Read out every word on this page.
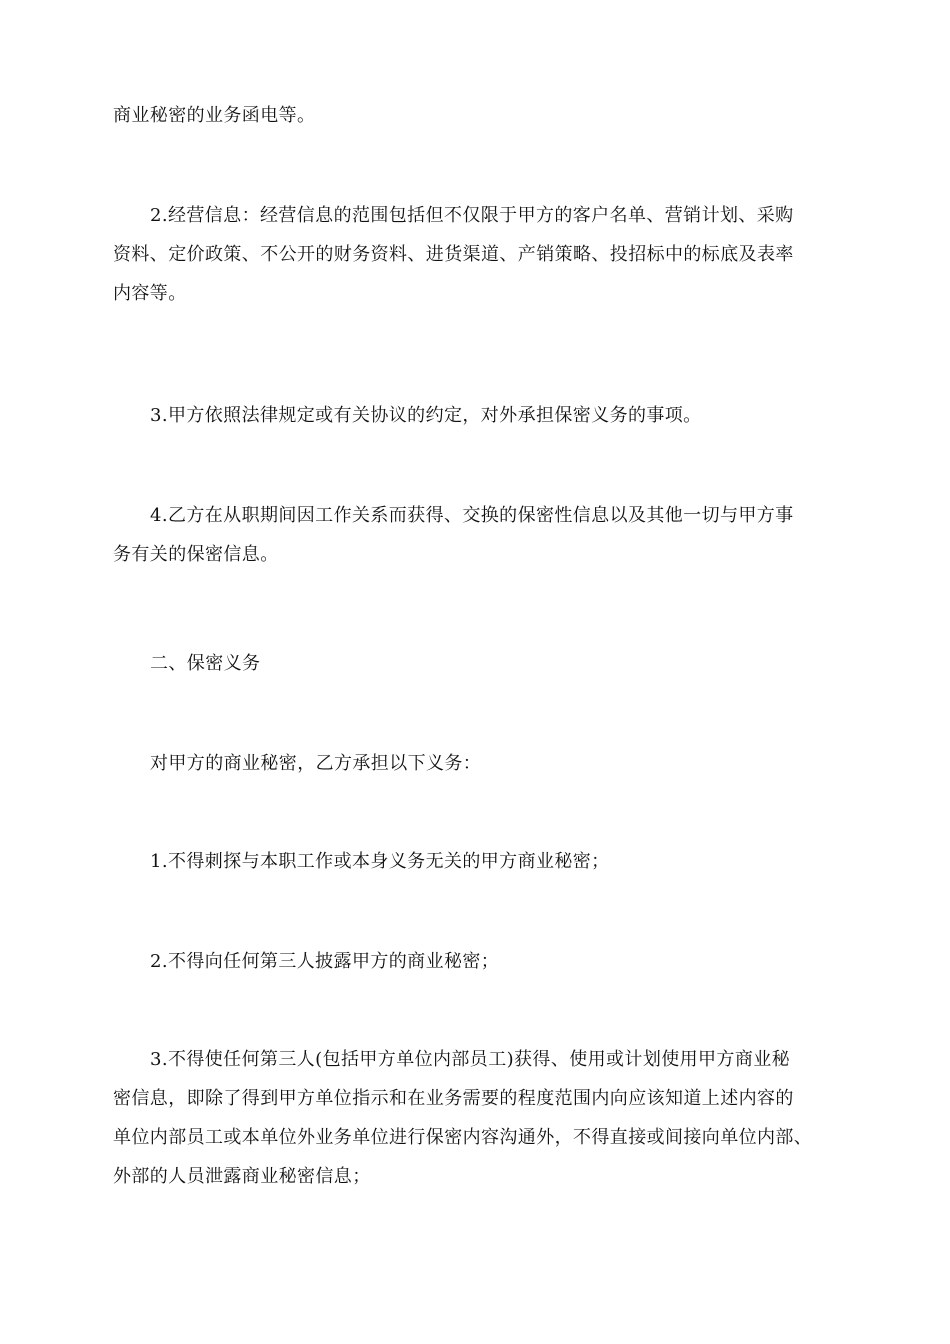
商业秘密的业务函电等。

2.经营信息：经营信息的范围包括但不仅限于甲方的客户名单、营销计划、采购
资料、定价政策、不公开的财务资料、进货渠道、产销策略、投招标中的标底及表率
内容等。

3.甲方依照法律规定或有关协议的约定，对外承担保密义务的事项。

4.乙方在从职期间因工作关系而获得、交换的保密性信息以及其他一切与甲方事
务有关的保密信息。

二、保密义务

对甲方的商业秘密，乙方承担以下义务：

1.不得刺探与本职工作或本身义务无关的甲方商业秘密；

2.不得向任何第三人披露甲方的商业秘密；

3.不得使任何第三人(包括甲方单位内部员工)获得、使用或计划使用甲方商业秘
密信息，即除了得到甲方单位指示和在业务需要的程度范围内向应该知道上述内容的
单位内部员工或本单位外业务单位进行保密内容沟通外，不得直接或间接向单位内部、
外部的人员泄露商业秘密信息；
